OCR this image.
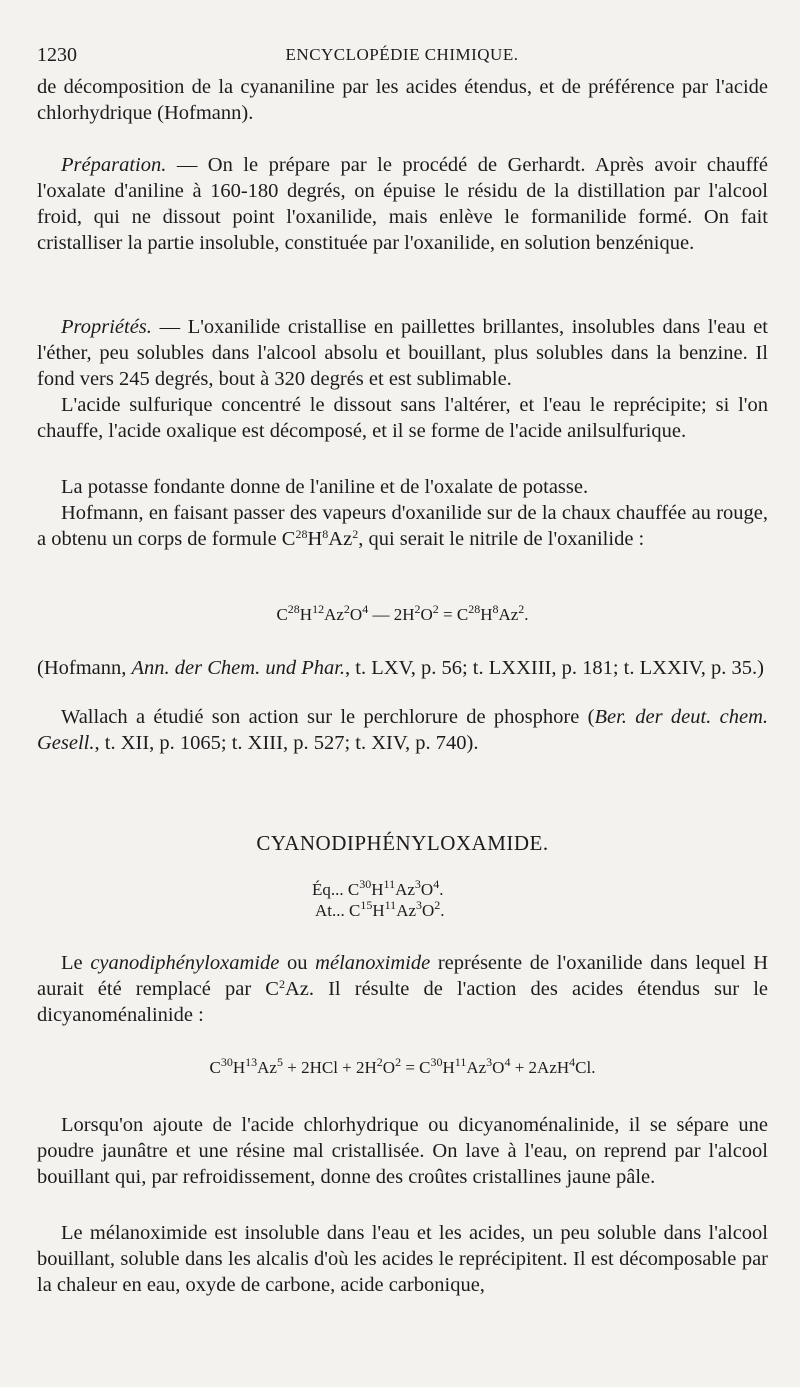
1230	ENCYCLOPÉDIE CHIMIQUE.
de décomposition de la cyananiline par les acides étendus, et de préférence par l'acide chlorhydrique (Hofmann).
Préparation. — On le prépare par le procédé de Gerhardt. Après avoir chauffé l'oxalate d'aniline à 160-180 degrés, on épuise le résidu de la distillation par l'alcool froid, qui ne dissout point l'oxanilide, mais enlève le formanilide formé. On fait cristalliser la partie insoluble, constituée par l'oxanilide, en solution benzénique.
Propriétés. — L'oxanilide cristallise en paillettes brillantes, insolubles dans l'eau et l'éther, peu solubles dans l'alcool absolu et bouillant, plus solubles dans la benzine. Il fond vers 245 degrés, bout à 320 degrés et est sublimable.
L'acide sulfurique concentré le dissout sans l'altérer, et l'eau le reprécipite; si l'on chauffe, l'acide oxalique est décomposé, et il se forme de l'acide anilsulfurique.
La potasse fondante donne de l'aniline et de l'oxalate de potasse.
Hofmann, en faisant passer des vapeurs d'oxanilide sur de la chaux chauffée au rouge, a obtenu un corps de formule $C^{28}H^8Az^2$, qui serait le nitrile de l'oxanilide :
$C^{28}H^{12}Az^2O^4$ — $2H^2O^2 = C^{28}H^8Az^2$.
(Hofmann, Ann. der Chem. und Phar., t. LXV, p. 56; t. LXXIII, p. 181; t. LXXIV, p. 35.)
Wallach a étudié son action sur le perchlorure de phosphore (Ber. der deut. chem. Gesell., t. XII, p. 1065; t. XIII, p. 527; t. XIV, p. 740).
CYANODIPHÉNYLOXAMIDE.
Éq... $C^{30}H^{11}Az^3O^4$.
At... $C^{15}H^{11}Az^3O^2$.
Le cyanodiphényloxamide ou mélanoximide représente de l'oxanilide dans lequel H aurait été remplacé par $C^2Az$. Il résulte de l'action des acides étendus sur le dicyanoménalinide :
$C^{30}H^{13}Az^5 + 2HCl + 2H^2O^2 = C^{30}H^{11}Az^3O^4 + 2AzH^4Cl$.
Lorsqu'on ajoute de l'acide chlorhydrique ou dicyanoménalinide, il se sépare une poudre jaunâtre et une résine mal cristallisée. On lave à l'eau, on reprend par l'alcool bouillant qui, par refroidissement, donne des croûtes cristallines jaune pâle.
Le mélanoximide est insoluble dans l'eau et les acides, un peu soluble dans l'alcool bouillant, soluble dans les alcalis d'où les acides le reprécipitent. Il est décomposable par la chaleur en eau, oxyde de carbone, acide carbonique,
